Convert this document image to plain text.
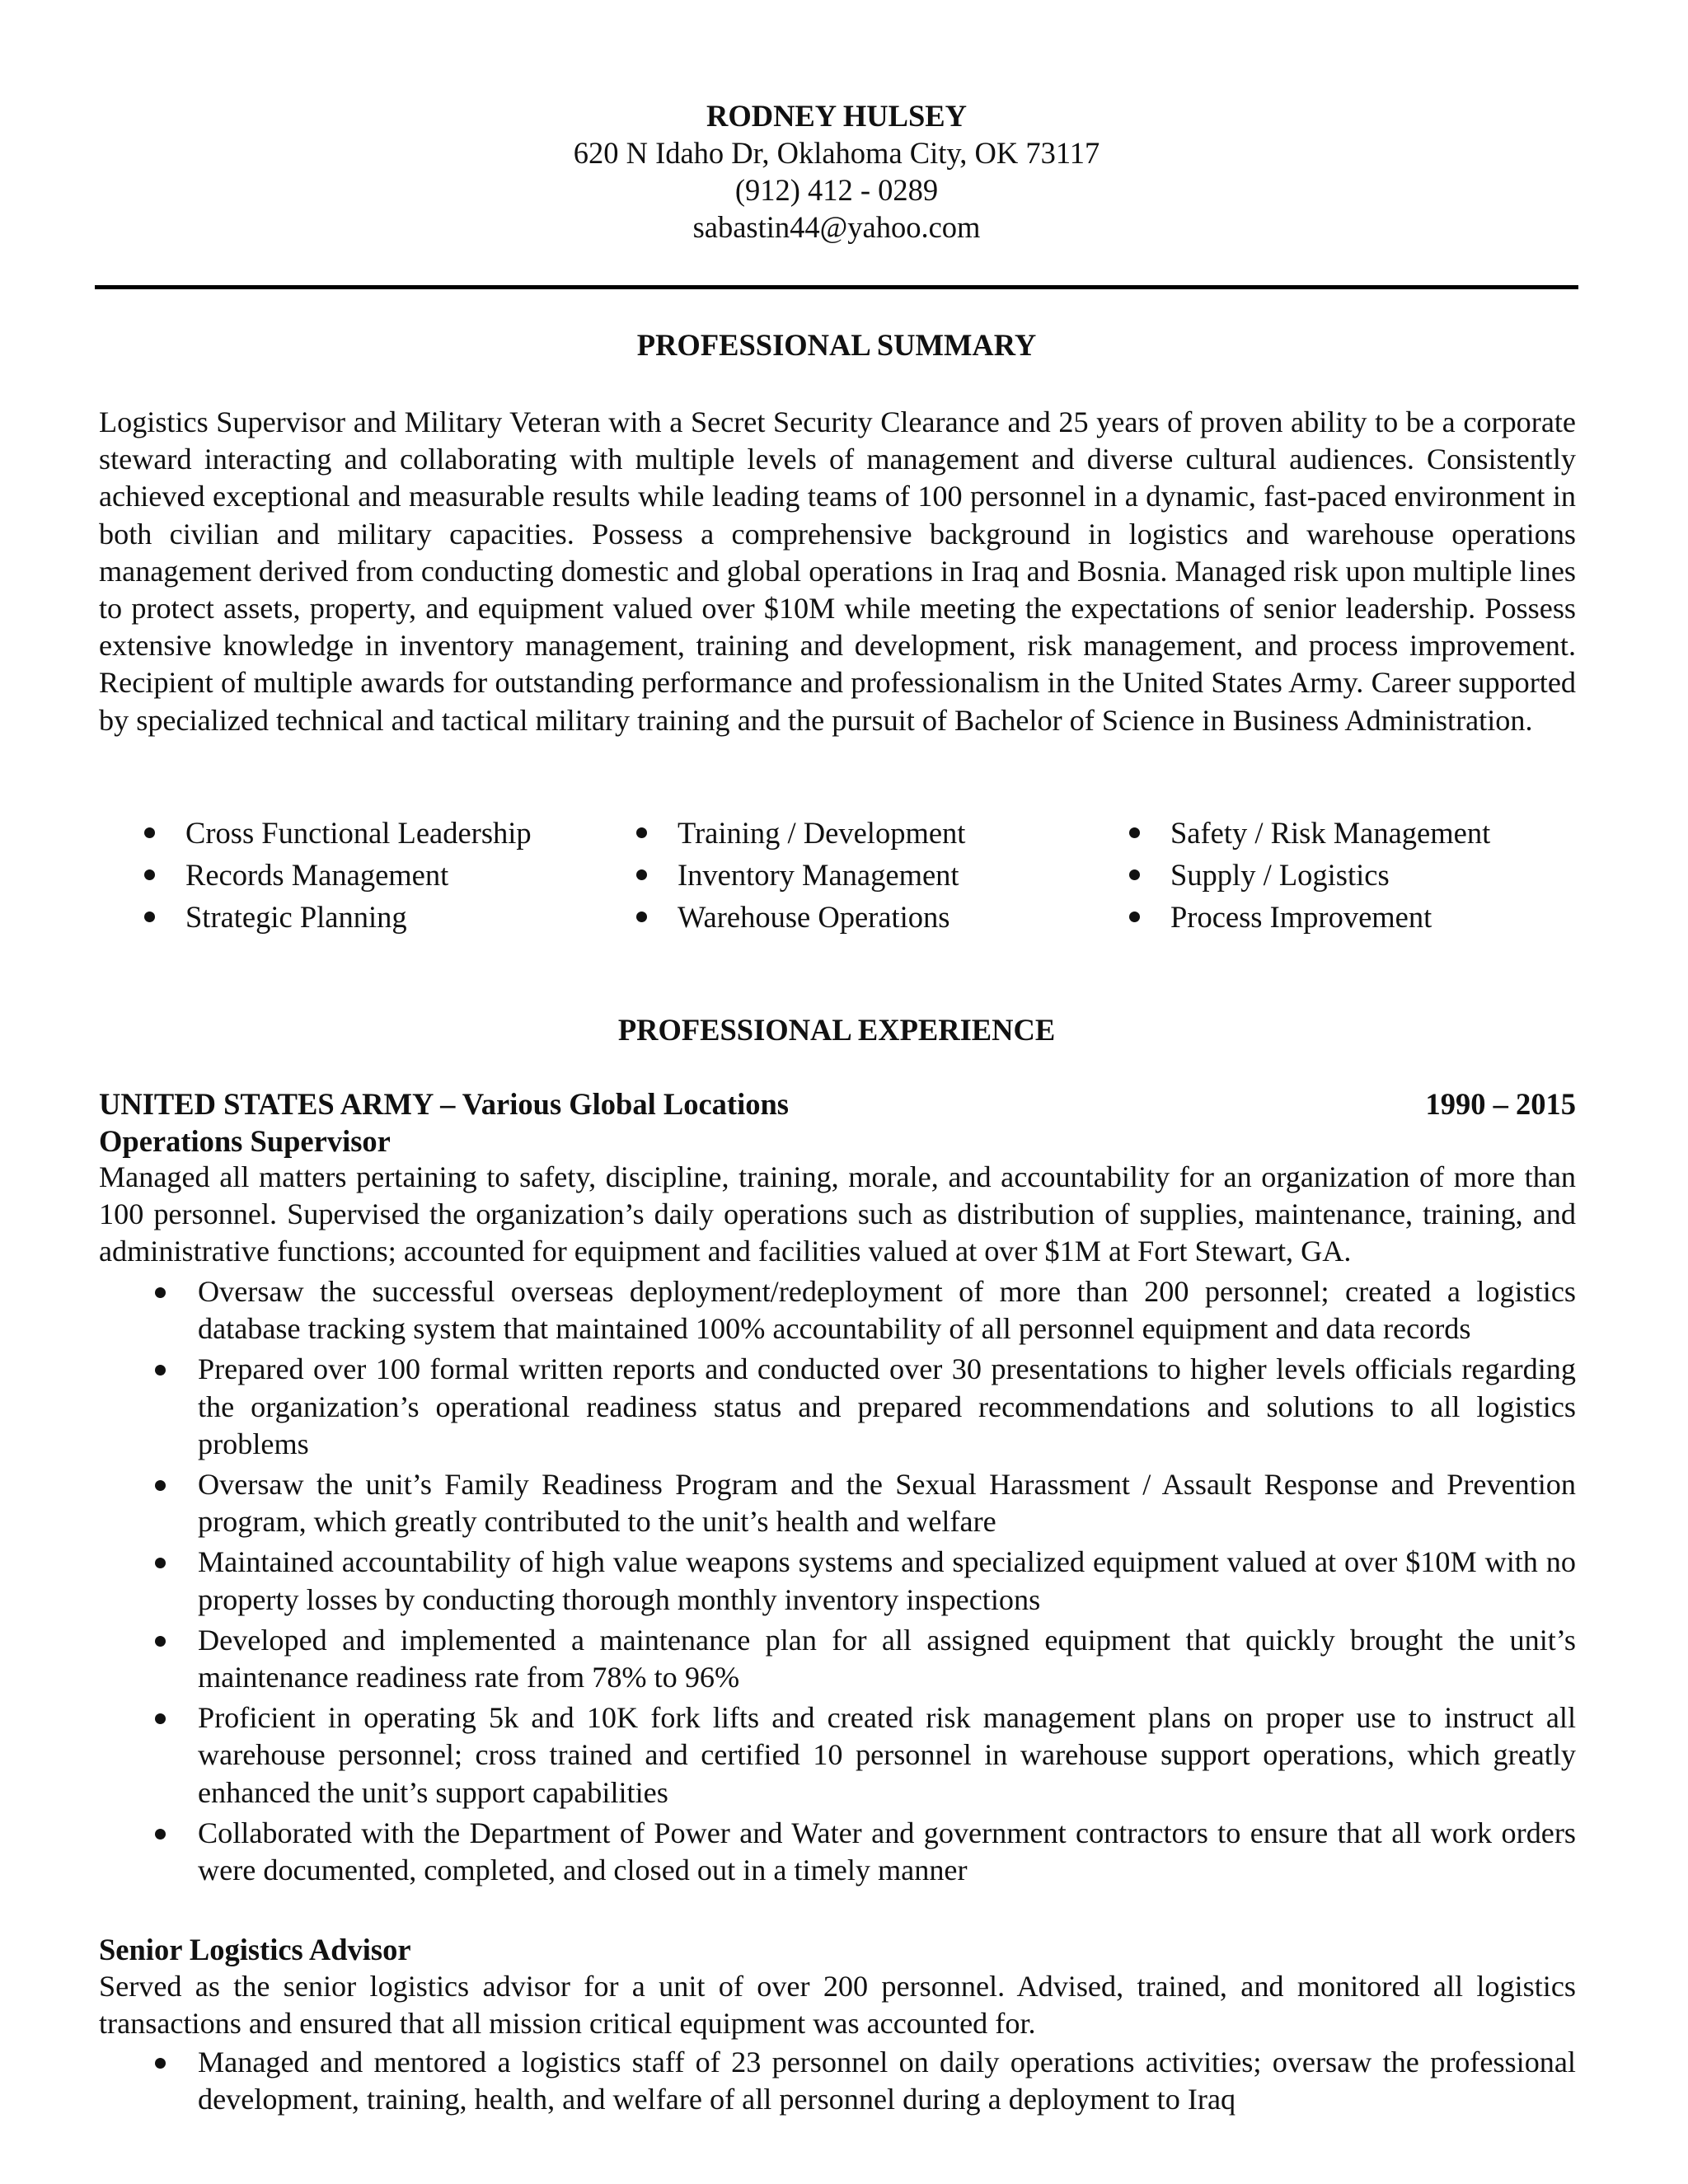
RODNEY HULSEY
620 N Idaho Dr, Oklahoma City, OK 73117
(912) 412 - 0289
sabastin44@yahoo.com
PROFESSIONAL SUMMARY

Logistics Supervisor and Military Veteran with a Secret Security Clearance and 25 years of proven ability to be a corporate steward interacting and collaborating with multiple levels of management and diverse cultural audiences. Consistently achieved exceptional and measurable results while leading teams of 100 personnel in a dynamic, fast-paced environment in both civilian and military capacities. Possess a comprehensive background in logistics and warehouse operations management derived from conducting domestic and global operations in Iraq and Bosnia. Managed risk upon multiple lines to protect assets, property, and equipment valued over $10M while meeting the expectations of senior leadership. Possess extensive knowledge in inventory management, training and development, risk management, and process improvement. Recipient of multiple awards for outstanding performance and professionalism in the United States Army. Career supported by specialized technical and tactical military training and the pursuit of Bachelor of Science in Business Administration.

Cross Functional Leadership	Training / Development	Safety / Risk Management
Records Management	Inventory Management	Supply / Logistics
Strategic Planning	Warehouse Operations	Process Improvement
PROFESSIONAL EXPERIENCE
UNITED STATES ARMY – Various Global Locations	1990 – 2015
Operations Supervisor

Managed all matters pertaining to safety, discipline, training, morale, and accountability for an organization of more than 100 personnel. Supervised the organization’s daily operations such as distribution of supplies, maintenance, training, and administrative functions; accounted for equipment and facilities valued at over $1M at Fort Stewart, GA.

Oversaw the successful overseas deployment/redeployment of more than 200 personnel; created a logistics database tracking system that maintained 100% accountability of all personnel equipment and data records
Prepared over 100 formal written reports and conducted over 30 presentations to higher levels officials regarding the organization’s operational readiness status and prepared recommendations and solutions to all logistics problems
Oversaw the unit’s Family Readiness Program and the Sexual Harassment / Assault Response and Prevention program, which greatly contributed to the unit’s health and welfare
Maintained accountability of high value weapons systems and specialized equipment valued at over $10M with no property losses by conducting thorough monthly inventory inspections
Developed and implemented a maintenance plan for all assigned equipment that quickly brought the unit’s maintenance readiness rate from 78% to 96%
Proficient in operating 5k and 10K fork lifts and created risk management plans on proper use to instruct all warehouse personnel; cross trained and certified 10 personnel in warehouse support operations, which greatly enhanced the unit’s support capabilities
Collaborated with the Department of Power and Water and government contractors to ensure that all work orders were documented, completed, and closed out in a timely manner
Senior Logistics Advisor

Served as the senior logistics advisor for a unit of over 200 personnel. Advised, trained, and monitored all logistics transactions and ensured that all mission critical equipment was accounted for.

Managed and mentored a logistics staff of 23 personnel on daily operations activities; oversaw the professional development, training, health, and welfare of all personnel during a deployment to Iraq
